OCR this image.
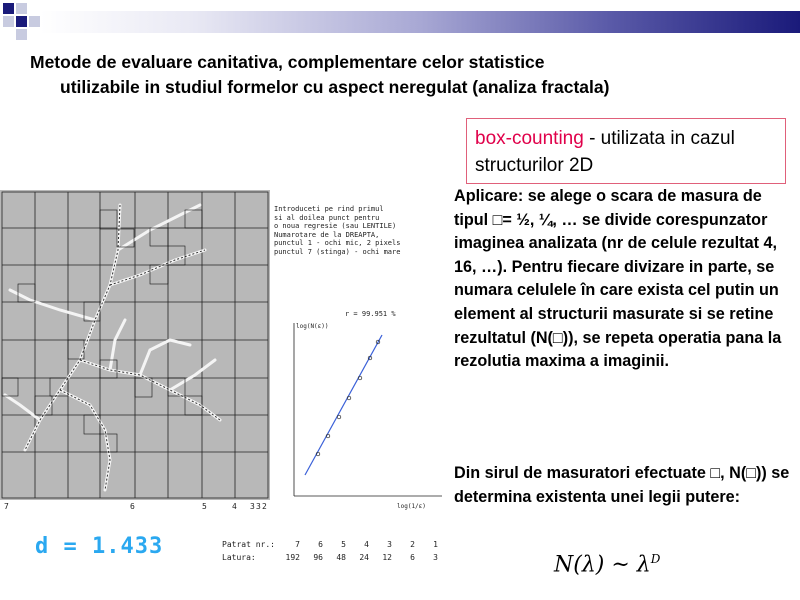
Metode de evaluare canitativa, complementare celor statistice
utilizabile in studiul formelor cu aspect neregulat (analiza fractala)
box-counting - utilizata in cazul structurilor 2D
Aplicare: se alege o scara de masura de tipul □= ½, ¼, … se divide corespunzator imaginea analizata (nr de celule rezultat 4, 16, …). Pentru fiecare divizare in parte, se numara celulele în care exista cel putin un element al structurii masurate si se retine rezultatul (N(□)), se repeta operatia pana la rezolutia maxima a imaginii.
Din sirul de masuratori efectuate □, N(□)) se determina existenta unei legii putere:
N(λ) ~ $\lambda^D$
r = 99.951 %
log(N(ε))
log(1/ε)
Introduceti pe rind primul
si al doilea punct pentru
o noua regresie (sau LENTILE)
Numarotare de la DREAPTA,
punctul 1 - ochi mic, 2 pixels
punctul 7 (stinga) - ochi mare
7	6	5	4 3 3 2
d = 1.433	Patrat nr.:	7 6 5 4 3 2 1
Latura:	192 96 48 24 12 6 3
